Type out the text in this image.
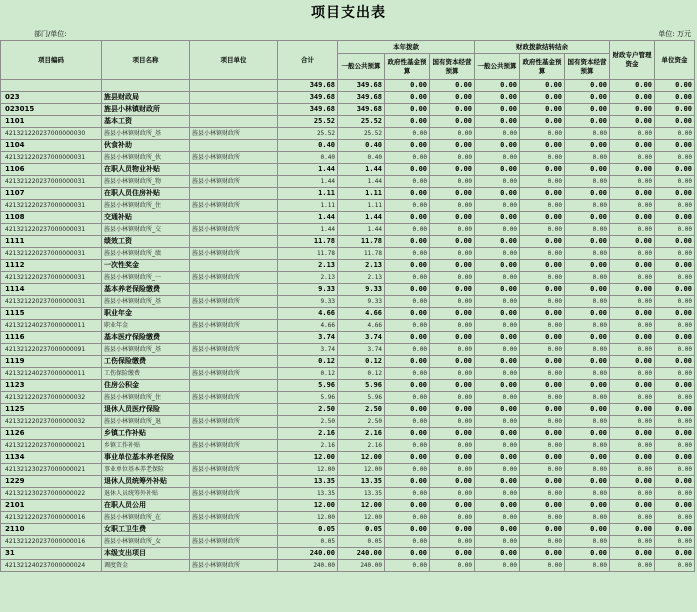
项目支出表
部门/单位:	单位: 万元
项目编码	项目名称	项目单位	合计	本年拨款			财政拨款结转结余			财政专户管理资金	单位资金
				一般公共预算	政府性基金预算	国有资本经营预算	一般公共预算	政府性基金预算	国有资本经营预算		
			349.68	349.68	0.00	0.00	0.00	0.00	0.00	0.00	0.00
023	旌县财政局		349.68	349.68	0.00	0.00	0.00	0.00	0.00	0.00	0.00
023015	旌县小林镇财政所		349.68	349.68	0.00	0.00	0.00	0.00	0.00	0.00	0.00
1101	基本工资		25.52	25.52	0.00	0.00	0.00	0.00	0.00	0.00	0.00
421321220237000000030	旌县小林镇财政所_基	旌县小林镇财政所	25.52	25.52	0.00	0.00	0.00	0.00	0.00	0.00	0.00
1104	伙食补助		0.40	0.40	0.00	0.00	0.00	0.00	0.00	0.00	0.00
421321220237000000031	旌县小林镇财政所_伙	旌县小林镇财政所	0.40	0.40	0.00	0.00	0.00	0.00	0.00	0.00	0.00
1106	在职人员物业补贴		1.44	1.44	0.00	0.00	0.00	0.00	0.00	0.00	0.00
421321220237000000031	旌县小林镇财政所_物	旌县小林镇财政所	1.44	1.44	0.00	0.00	0.00	0.00	0.00	0.00	0.00
1107	在职人员住房补贴		1.11	1.11	0.00	0.00	0.00	0.00	0.00	0.00	0.00
421321220237000000031	旌县小林镇财政所_住	旌县小林镇财政所	1.11	1.11	0.00	0.00	0.00	0.00	0.00	0.00	0.00
1108	交通补贴		1.44	1.44	0.00	0.00	0.00	0.00	0.00	0.00	0.00
421321220237000000031	旌县小林镇财政所_交	旌县小林镇财政所	1.44	1.44	0.00	0.00	0.00	0.00	0.00	0.00	0.00
1111	绩效工资		11.78	11.78	0.00	0.00	0.00	0.00	0.00	0.00	0.00
421321220237000000031	旌县小林镇财政所_绩	旌县小林镇财政所	11.78	11.78	0.00	0.00	0.00	0.00	0.00	0.00	0.00
1112	一次性奖金		2.13	2.13	0.00	0.00	0.00	0.00	0.00	0.00	0.00
421321220237000000031	旌县小林镇财政所_一	旌县小林镇财政所	2.13	2.13	0.00	0.00	0.00	0.00	0.00	0.00	0.00
1114	基本养老保险缴费		9.33	9.33	0.00	0.00	0.00	0.00	0.00	0.00	0.00
421321220237000000031	旌县小林镇财政所_基	旌县小林镇财政所	9.33	9.33	0.00	0.00	0.00	0.00	0.00	0.00	0.00
1115	职业年金		4.66	4.66	0.00	0.00	0.00	0.00	0.00	0.00	0.00
421321240237000000011	职业年金	旌县小林镇财政所	4.66	4.66	0.00	0.00	0.00	0.00	0.00	0.00	0.00
1116	基本医疗保险缴费		3.74	3.74	0.00	0.00	0.00	0.00	0.00	0.00	0.00
421321220237000000091	旌县小林镇财政所_基	旌县小林镇财政所	3.74	3.74	0.00	0.00	0.00	0.00	0.00	0.00	0.00
1119	工伤保险缴费		0.12	0.12	0.00	0.00	0.00	0.00	0.00	0.00	0.00
421321240237000000011	工伤保险缴费	旌县小林镇财政所	0.12	0.12	0.00	0.00	0.00	0.00	0.00	0.00	0.00
1123	住房公积金		5.96	5.96	0.00	0.00	0.00	0.00	0.00	0.00	0.00
421321220237000000032	旌县小林镇财政所_住	旌县小林镇财政所	5.96	5.96	0.00	0.00	0.00	0.00	0.00	0.00	0.00
1125	退休人员医疗保险		2.50	2.50	0.00	0.00	0.00	0.00	0.00	0.00	0.00
421321220237000000032	旌县小林镇财政所_退	旌县小林镇财政所	2.50	2.50	0.00	0.00	0.00	0.00	0.00	0.00	0.00
1126	乡镇工作补贴		2.16	2.16	0.00	0.00	0.00	0.00	0.00	0.00	0.00
421321220237000000021	乡镇工作补贴	旌县小林镇财政所	2.16	2.16	0.00	0.00	0.00	0.00	0.00	0.00	0.00
1134	事业单位基本养老保险		12.00	12.00	0.00	0.00	0.00	0.00	0.00	0.00	0.00
421321230237000000021	事业单位基本养老保险	旌县小林镇财政所	12.00	12.00	0.00	0.00	0.00	0.00	0.00	0.00	0.00
1229	退休人员统筹外补贴		13.35	13.35	0.00	0.00	0.00	0.00	0.00	0.00	0.00
421321230237000000022	退休人员统筹外补贴	旌县小林镇财政所	13.35	13.35	0.00	0.00	0.00	0.00	0.00	0.00	0.00
2101	在职人员公用		12.00	12.00	0.00	0.00	0.00	0.00	0.00	0.00	0.00
421321220237000000016	旌县小林镇财政所_在	旌县小林镇财政所	12.00	12.00	0.00	0.00	0.00	0.00	0.00	0.00	0.00
2110	女职工卫生费		0.05	0.05	0.00	0.00	0.00	0.00	0.00	0.00	0.00
421321220237000000016	旌县小林镇财政所_女	旌县小林镇财政所	0.05	0.05	0.00	0.00	0.00	0.00	0.00	0.00	0.00
31	本级支出项目		240.00	240.00	0.00	0.00	0.00	0.00	0.00	0.00	0.00
421321240237000000024	调度资金	旌县小林镇财政所	240.00	240.00	0.00	0.00	0.00	0.00	0.00	0.00	0.00
